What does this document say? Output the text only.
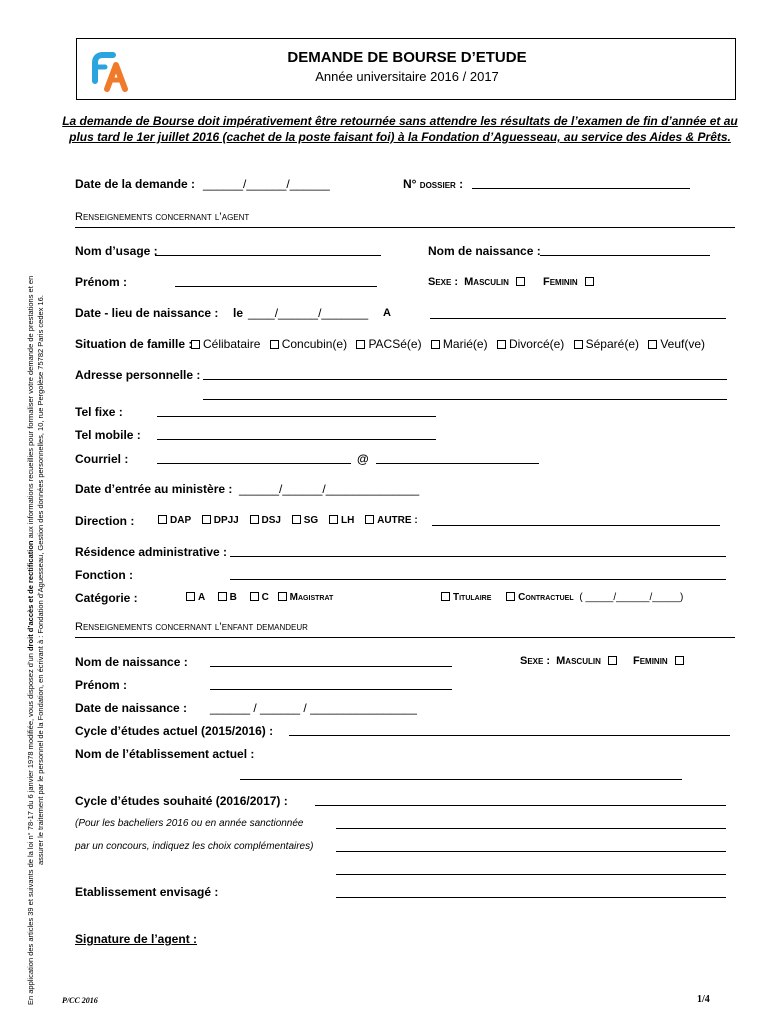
En application des articles 39 et suivants de la loi n° 78-17 du 6 janvier 1978 modifiée, vous disposez d’un droit d’accès et de rectification aux informations recueillies pour formaliser votre demande de prestations et en assurer le traitement par le personnel de la Fondation, en écrivant à : Fondation d’Aguesseau, Gestion des données personnelles, 10, rue Pergolèse 75782 Paris cedex 16.
DEMANDE DE BOURSE D’ETUDE
Année universitaire 2016 / 2017
La demande de Bourse doit impérativement être retournée sans attendre les résultats de l’examen de fin d’année et au plus tard le 1er juillet 2016 (cachet de la poste faisant foi) à la Fondation d’Aguesseau, au service des Aides & Prêts.
Date de la demande : ______/______/______	N° dossier :
Renseignements concernant l’agent
Nom d’usage :	Nom de naissance :
Prénom :	Sexe : Masculin	Feminin
Date - lieu de naissance : le ____/______/_______ A
Situation de famille : Célibataire Concubin(e) PACSé(e) Marié(e) Divorcé(e) Séparé(e) Veuf(ve)
Adresse personnelle :
Tel fixe :
Tel mobile :
Courriel :	@
Date d’entrée au ministère : ______/______/______________
Direction :	DAP DPJJ DSJ SG LH AUTRE :
Résidence administrative :
Fonction :
Catégorie :	A B C Magistrat	Titulaire	Contractuel ( _____/______/_____)
Renseignements concernant l’enfant demandeur
Nom de naissance :	Sexe : Masculin	Feminin
Prénom :
Date de naissance : ______ / ______ / ________________
Cycle d’études actuel (2015/2016) :
Nom de l’établissement actuel :
Cycle d’études souhaité (2016/2017) :
(Pour les bacheliers 2016 ou en année sanctionnée
par un concours, indiquez les choix complémentaires)
Etablissement envisagé :
Signature de l’agent :
P/CC 2016	1/4
